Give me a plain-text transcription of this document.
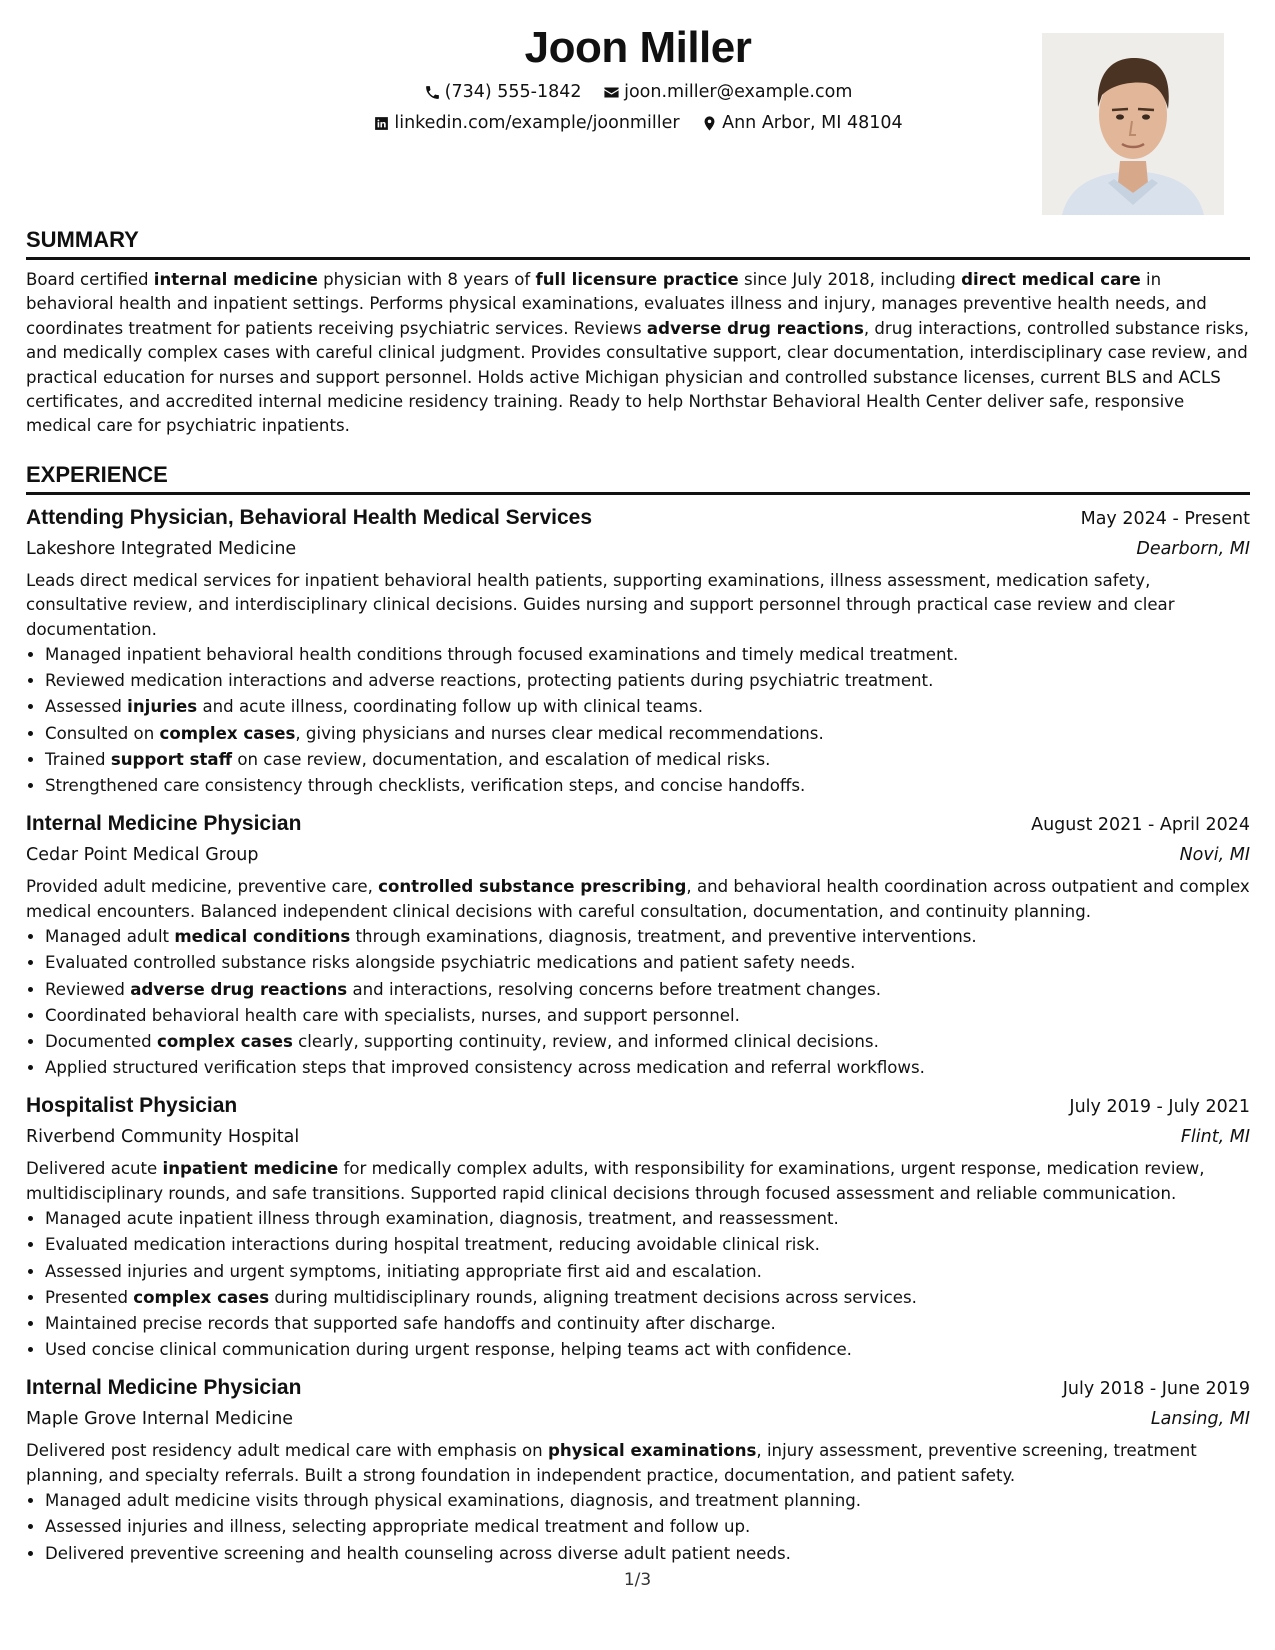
Joon Miller
(734) 555-1842
joon.miller@example.com
linkedin.com/example/joonmiller
Ann Arbor, MI 48104
SUMMARY

Board certified internal medicine physician with 8 years of full licensure practice since July 2018, including direct medical care in behavioral health and inpatient settings. Performs physical examinations, evaluates illness and injury, manages preventive health needs, and coordinates treatment for patients receiving psychiatric services. Reviews adverse drug reactions, drug interactions, controlled substance risks, and medically complex cases with careful clinical judgment. Provides consultative support, clear documentation, interdisciplinary case review, and practical education for nurses and support personnel. Holds active Michigan physician and controlled substance licenses, current BLS and ACLS certificates, and accredited internal medicine residency training. Ready to help Northstar Behavioral Health Center deliver safe, responsive medical care for psychiatric inpatients.

EXPERIENCE
Attending Physician, Behavioral Health Medical Services	May 2024 - Present
Lakeshore Integrated Medicine	Dearborn, MI

Leads direct medical services for inpatient behavioral health patients, supporting examinations, illness assessment, medication safety, consultative review, and interdisciplinary clinical decisions. Guides nursing and support personnel through practical case review and clear documentation.

• Managed inpatient behavioral health conditions through focused examinations and timely medical treatment.
• Reviewed medication interactions and adverse reactions, protecting patients during psychiatric treatment.
• Assessed injuries and acute illness, coordinating follow up with clinical teams.
• Consulted on complex cases, giving physicians and nurses clear medical recommendations.
• Trained support staff on case review, documentation, and escalation of medical risks.
• Strengthened care consistency through checklists, verification steps, and concise handoffs.
Internal Medicine Physician	August 2021 - April 2024
Cedar Point Medical Group	Novi, MI

Provided adult medicine, preventive care, controlled substance prescribing, and behavioral health coordination across outpatient and complex medical encounters. Balanced independent clinical decisions with careful consultation, documentation, and continuity planning.

• Managed adult medical conditions through examinations, diagnosis, treatment, and preventive interventions.
• Evaluated controlled substance risks alongside psychiatric medications and patient safety needs.
• Reviewed adverse drug reactions and interactions, resolving concerns before treatment changes.
• Coordinated behavioral health care with specialists, nurses, and support personnel.
• Documented complex cases clearly, supporting continuity, review, and informed clinical decisions.
• Applied structured verification steps that improved consistency across medication and referral workflows.
Hospitalist Physician	July 2019 - July 2021
Riverbend Community Hospital	Flint, MI

Delivered acute inpatient medicine for medically complex adults, with responsibility for examinations, urgent response, medication review, multidisciplinary rounds, and safe transitions. Supported rapid clinical decisions through focused assessment and reliable communication.

• Managed acute inpatient illness through examination, diagnosis, treatment, and reassessment.
• Evaluated medication interactions during hospital treatment, reducing avoidable clinical risk.
• Assessed injuries and urgent symptoms, initiating appropriate first aid and escalation.
• Presented complex cases during multidisciplinary rounds, aligning treatment decisions across services.
• Maintained precise records that supported safe handoffs and continuity after discharge.
• Used concise clinical communication during urgent response, helping teams act with confidence.
Internal Medicine Physician	July 2018 - June 2019
Maple Grove Internal Medicine	Lansing, MI

Delivered post residency adult medical care with emphasis on physical examinations, injury assessment, preventive screening, treatment planning, and specialty referrals. Built a strong foundation in independent practice, documentation, and patient safety.

• Managed adult medicine visits through physical examinations, diagnosis, and treatment planning.
• Assessed injuries and illness, selecting appropriate medical treatment and follow up.
• Delivered preventive screening and health counseling across diverse adult patient needs.
1/3
